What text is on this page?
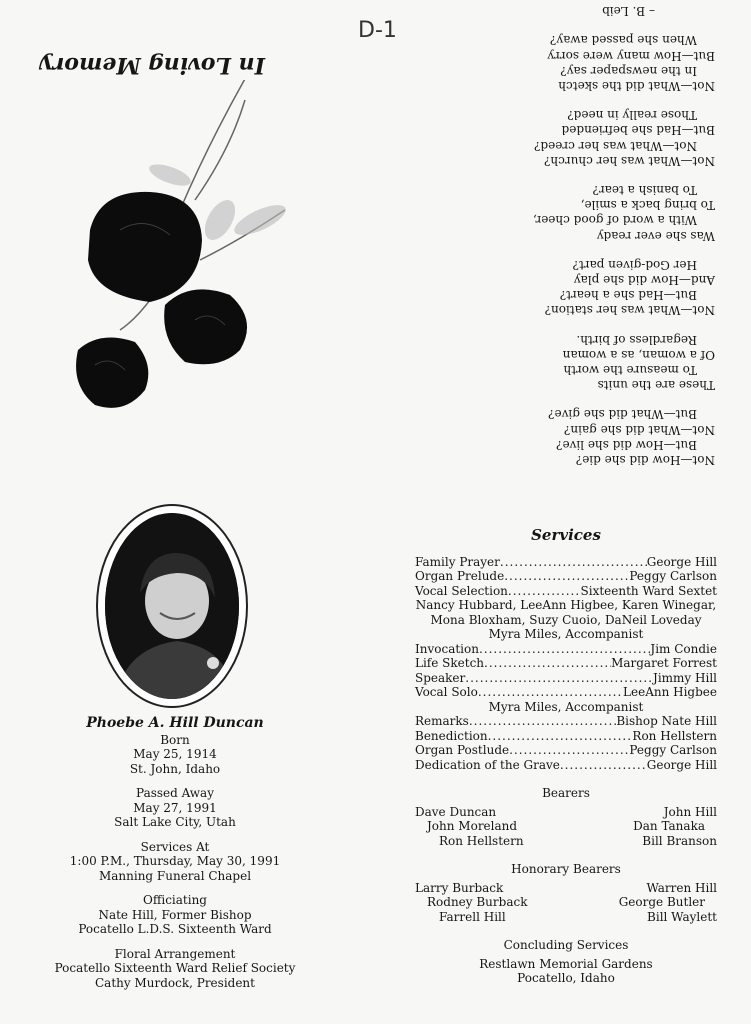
D-1
In Loving Memory
Not—How did she die?
But—How did she live?
Not—What did she gain?
But—What did she give?
These are the units
To measure the worth
Of a woman, as a woman
Regardless of birth.
Not—What was her station?
But—Had she a heart?
And—How did she play
Her God-given part?
Was she ever ready
With a word of good cheer,
To bring back a smile,
To banish a tear?
Not—What was her church?
Not—What was her creed?
But—Had she befriended
Those really in need?
Not—What did the sketch
In the newspaper say?
But—How many were sorry
When she passed away?
– B. Leib
Phoebe A. Hill Duncan

Born
May 25, 1914
St. John, Idaho

Passed Away
May 27, 1991
Salt Lake City, Utah

Services At
1:00 P.M., Thursday, May 30, 1991
Manning Funeral Chapel

Officiating
Nate Hill, Former Bishop
Pocatello L.D.S. Sixteenth Ward

Floral Arrangement
Pocatello Sixteenth Ward Relief Society
Cathy Murdock, President

Services
Family Prayer .....	George Hill
Organ Prelude .....	Peggy Carlson
Vocal Selection .....	Sixteenth Ward Sextet
Nancy Hubbard, LeeAnn Higbee, Karen Winegar,
Mona Bloxham, Suzy Cuoio, DaNeil Loveday
Myra Miles, Accompanist
Invocation .....	Jim Condie
Life Sketch .....	Margaret Forrest
Speaker .....	Jimmy Hill
Vocal Solo .....	LeeAnn Higbee
Myra Miles, Accompanist
Remarks .....	Bishop Nate Hill
Benediction .....	Ron Hellstern
Organ Postlude .....	Peggy Carlson
Dedication of the Grave .....	George Hill
Bearers
Dave Duncan	John Hill
John Moreland	Dan Tanaka
Ron Hellstern	Bill Branson
Honorary Bearers
Larry Burback	Warren Hill
Rodney Burback	George Butler
Farrell Hill	Bill Waylett
Concluding Services
Restlawn Memorial Gardens
Pocatello, Idaho
